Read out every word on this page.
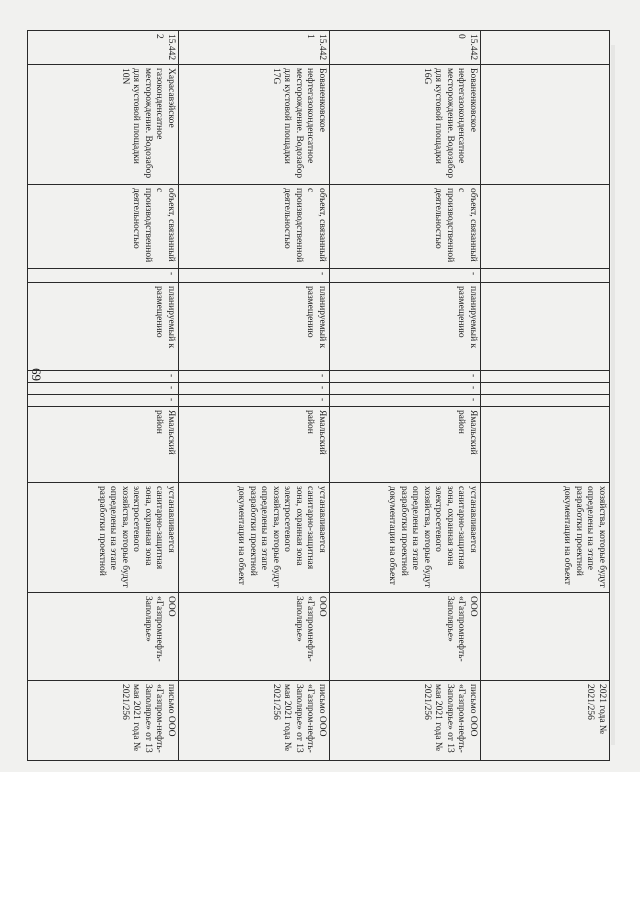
69
									хозяйства, которые будут определены на этапе разработки проектной документации на объект		2021 года № 2021/256
15.4420	Бованенковское нефтегазоконденсатное месторождение. Водозабор для кустовой площадки 16G	объект, связанный с производственной деятельностью	-	планируемый к размещению	-	-	-	Ямальский район	устанавливается санитарно-защитная зона, охранная зона электросетевого хозяйства, которые будут определены на этапе разработки проектной документации на объект	ООО «Газпромнефть-Заполярье»	письмо ООО «Газпром-нефть-Заполярье» от 13 мая 2021 года № 2021/256
15.4421	Бованенковское нефтегазоконденсатное месторождение. Водозабор для кустовой площадки 17G	объект, связанный с производственной деятельностью	-	планируемый к размещению	-	-	-	Ямальский район	устанавливается санитарно-защитная зона, охранная зона электросетевого хозяйства, которые будут определены на этапе разработки проектной документации на объект	ООО «Газпромнефть-Заполярье»	письмо ООО «Газпром-нефть-Заполярье» от 13 мая 2021 года № 2021/256
15.4422	Харасавэйское газоконденсатное месторождение. Водозабор для кустовой площадки 10N	объект, связанный с производственной деятельностью	-	планируемый к размещению	-	-	-	Ямальский район	устанавливается санитарно-защитная зона, охранная зона электросетевого хозяйства, которые будут определены на этапе разработки проектной	ООО «Газпромнефть-Заполярье»	письмо ООО «Газпром-нефть-Заполярье» от 13 мая 2021 года № 2021/256
